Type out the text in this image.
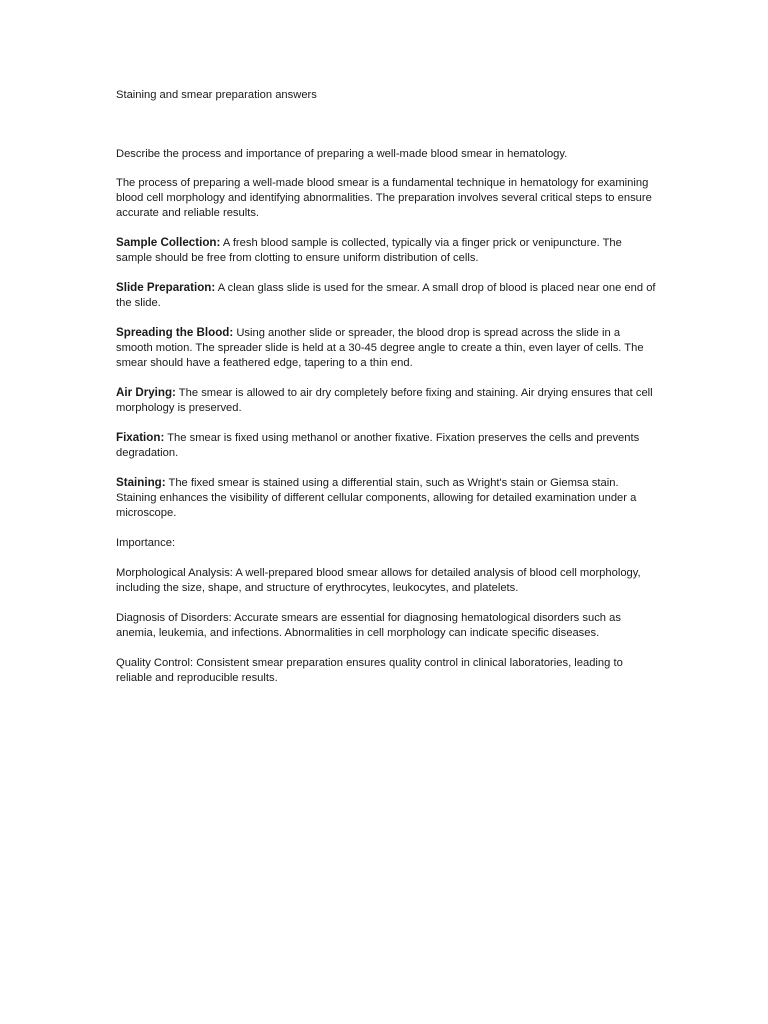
Staining and smear preparation answers

Describe the process and importance of preparing a well-made blood smear in hematology.

The process of preparing a well-made blood smear is a fundamental technique in hematology for examining blood cell morphology and identifying abnormalities. The preparation involves several critical steps to ensure accurate and reliable results.

Sample Collection: A fresh blood sample is collected, typically via a finger prick or venipuncture. The sample should be free from clotting to ensure uniform distribution of cells.

Slide Preparation: A clean glass slide is used for the smear. A small drop of blood is placed near one end of the slide.

Spreading the Blood: Using another slide or spreader, the blood drop is spread across the slide in a smooth motion. The spreader slide is held at a 30-45 degree angle to create a thin, even layer of cells. The smear should have a feathered edge, tapering to a thin end.

Air Drying: The smear is allowed to air dry completely before fixing and staining. Air drying ensures that cell morphology is preserved.

Fixation: The smear is fixed using methanol or another fixative. Fixation preserves the cells and prevents degradation.

Staining: The fixed smear is stained using a differential stain, such as Wright's stain or Giemsa stain. Staining enhances the visibility of different cellular components, allowing for detailed examination under a microscope.

Importance:

Morphological Analysis: A well-prepared blood smear allows for detailed analysis of blood cell morphology, including the size, shape, and structure of erythrocytes, leukocytes, and platelets.

Diagnosis of Disorders: Accurate smears are essential for diagnosing hematological disorders such as anemia, leukemia, and infections. Abnormalities in cell morphology can indicate specific diseases.

Quality Control: Consistent smear preparation ensures quality control in clinical laboratories, leading to reliable and reproducible results.
